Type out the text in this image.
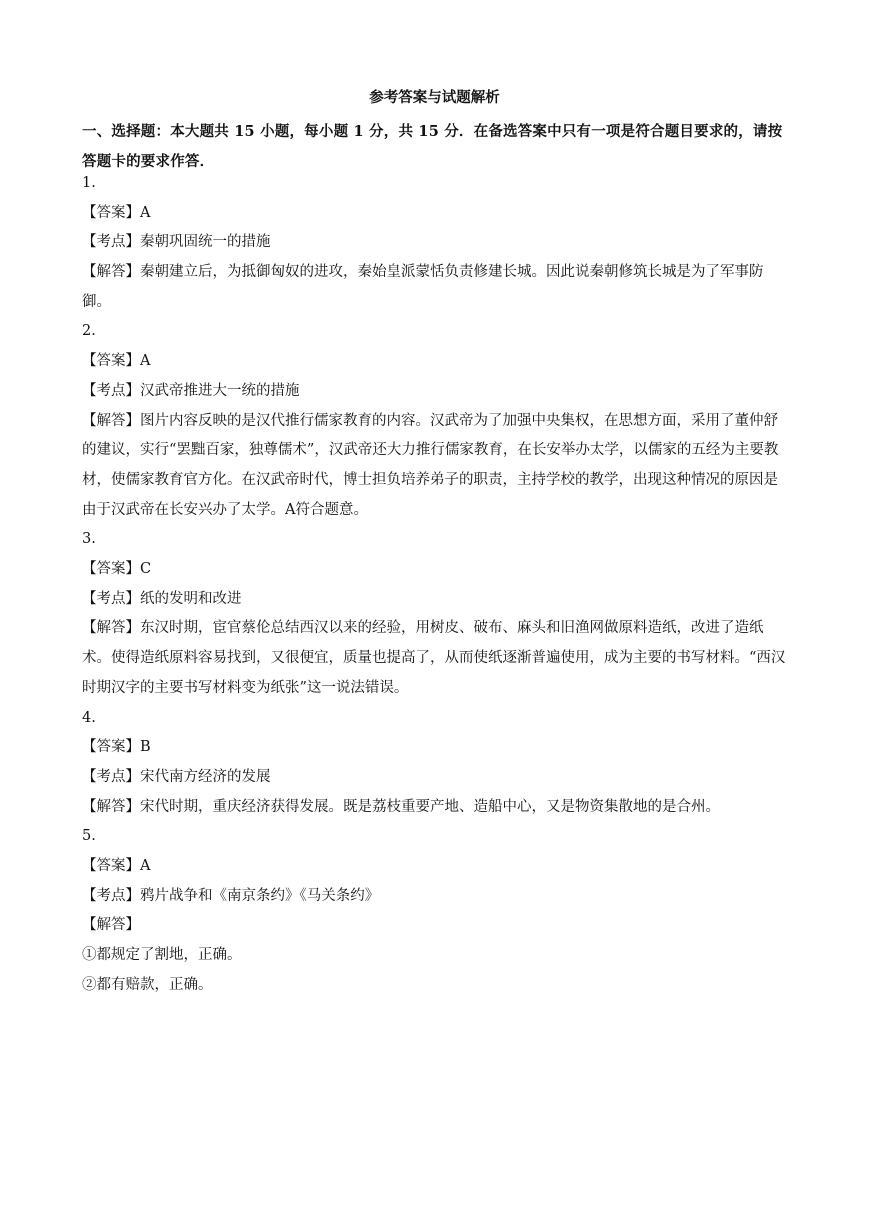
参考答案与试题解析
一、选择题：本大题共 15 小题，每小题 1 分，共 15 分．在备选答案中只有一项是符合题目要求的，请按答题卡的要求作答．
1.
【答案】A
【考点】秦朝巩固统一的措施
【解答】秦朝建立后，为抵御匈奴的进攻，秦始皇派蒙恬负责修建长城。因此说秦朝修筑长城是为了军事防御。
2.
【答案】A
【考点】汉武帝推进大一统的措施
【解答】图片内容反映的是汉代推行儒家教育的内容。汉武帝为了加强中央集权，在思想方面，采用了董仲舒的建议，实行“罢黜百家，独尊儒术”，汉武帝还大力推行儒家教育，在长安举办太学，以儒家的五经为主要教材，使儒家教育官方化。在汉武帝时代，博士担负培养弟子的职责，主持学校的教学，出现这种情况的原因是由于汉武帝在长安兴办了太学。A符合题意。
3.
【答案】C
【考点】纸的发明和改进
【解答】东汉时期，宦官蔡伦总结西汉以来的经验，用树皮、破布、麻头和旧渔网做原料造纸，改进了造纸术。使得造纸原料容易找到，又很便宜，质量也提高了，从而使纸逐渐普遍使用，成为主要的书写材料。“西汉时期汉字的主要书写材料变为纸张”这一说法错误。
4.
【答案】B
【考点】宋代南方经济的发展
【解答】宋代时期，重庆经济获得发展。既是荔枝重要产地、造船中心，又是物资集散地的是合州。
5.
【答案】A
【考点】鸦片战争和《南京条约》《马关条约》
【解答】
①都规定了割地，正确。
②都有赔款，正确。
